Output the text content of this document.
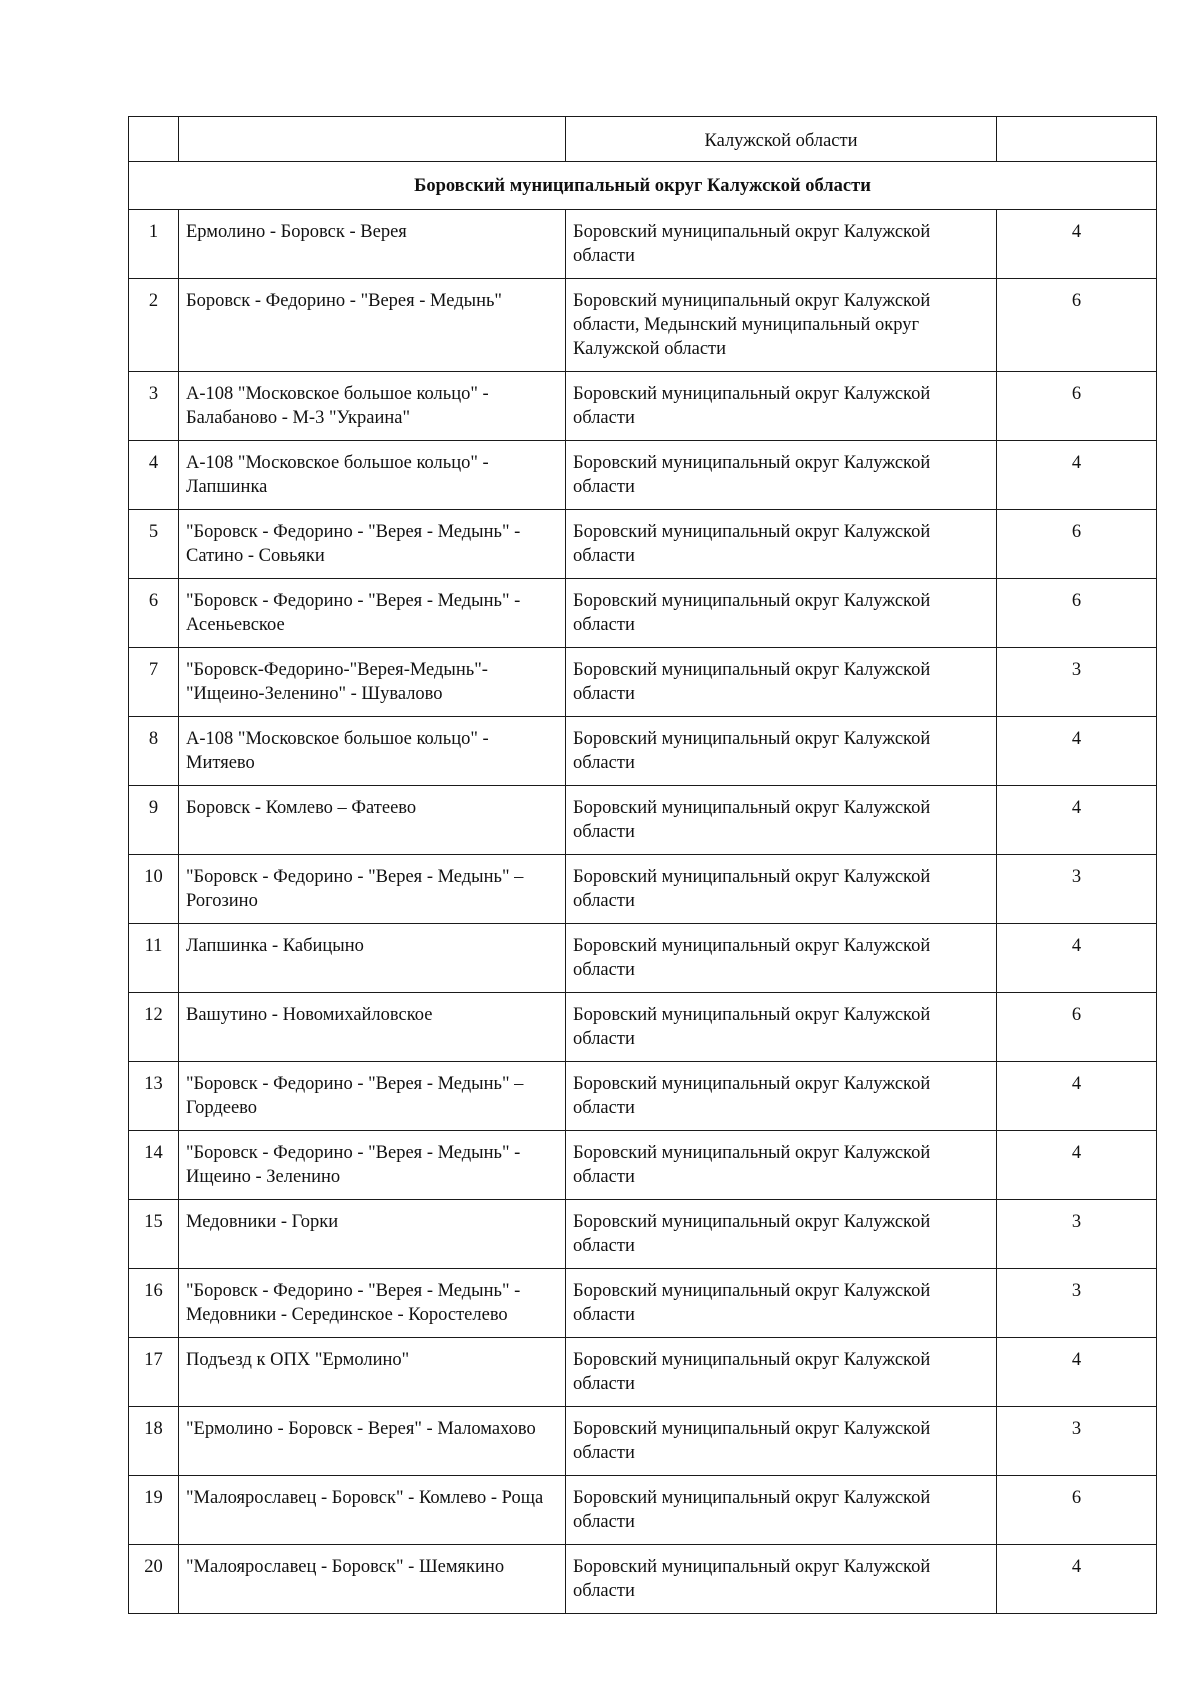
		Калужской области	
Боровский муниципальный округ Калужской области			
1	Ермолино - Боровск - Верея	Боровский муниципальный округ Калужской области	4
2	Боровск - Федорино - "Верея - Медынь"	Боровский муниципальный округ Калужской области, Медынский муниципальный округ Калужской области	6
3	А-108 "Московское большое кольцо" - Балабаново - М-3 "Украина"	Боровский муниципальный округ Калужской области	6
4	А-108 "Московское большое кольцо" - Лапшинка	Боровский муниципальный округ Калужской области	4
5	"Боровск - Федорино - "Верея - Медынь" - Сатино - Совьяки	Боровский муниципальный округ Калужской области	6
6	"Боровск - Федорино - "Верея - Медынь" - Асеньевское	Боровский муниципальный округ Калужской области	6
7	"Боровск-Федорино-"Верея-Медынь"-"Ищеино-Зеленино" - Шувалово	Боровский муниципальный округ Калужской области	3
8	А-108 "Московское большое кольцо" - Митяево	Боровский муниципальный округ Калужской области	4
9	Боровск - Комлево – Фатеево	Боровский муниципальный округ Калужской области	4
10	"Боровск - Федорино - "Верея - Медынь" – Рогозино	Боровский муниципальный округ Калужской области	3
11	Лапшинка - Кабицыно	Боровский муниципальный округ Калужской области	4
12	Вашутино - Новомихайловское	Боровский муниципальный округ Калужской области	6
13	"Боровск - Федорино - "Верея - Медынь" – Гордеево	Боровский муниципальный округ Калужской области	4
14	"Боровск - Федорино - "Верея - Медынь" - Ищеино - Зеленино	Боровский муниципальный округ Калужской области	4
15	Медовники - Горки	Боровский муниципальный округ Калужской области	3
16	"Боровск - Федорино - "Верея - Медынь" - Медовники - Серединское - Коростелево	Боровский муниципальный округ Калужской области	3
17	Подъезд к ОПХ "Ермолино"	Боровский муниципальный округ Калужской области	4
18	"Ермолино - Боровск - Верея" - Маломахово	Боровский муниципальный округ Калужской области	3
19	"Малоярославец - Боровск" - Комлево - Роща	Боровский муниципальный округ Калужской области	6
20	"Малоярославец - Боровск" - Шемякино	Боровский муниципальный округ Калужской области	4
